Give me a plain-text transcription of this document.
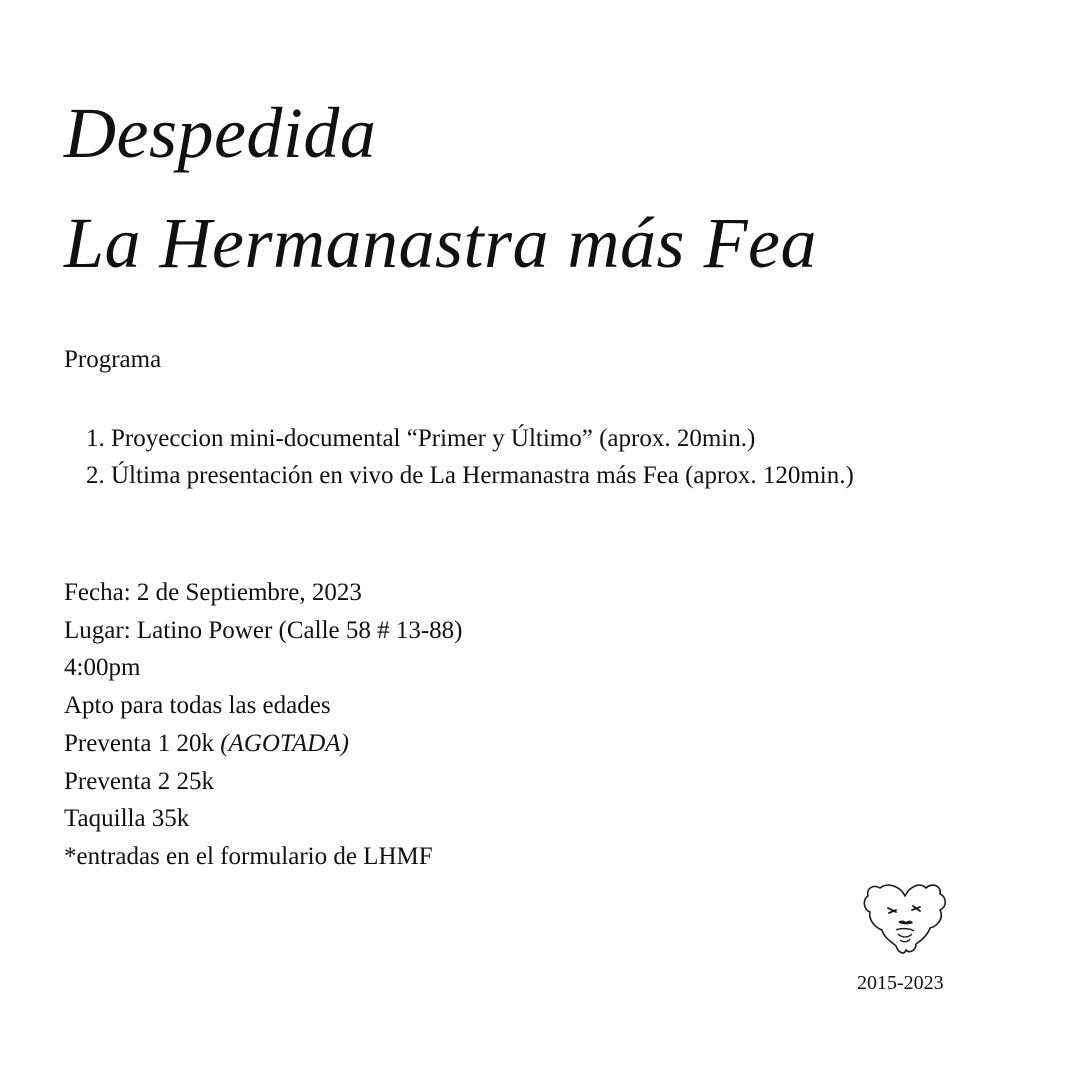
Despedida
La Hermanastra más Fea
Programa
1. Proyeccion mini-documental “Primer y Último” (aprox. 20min.)
2. Última presentación en vivo de La Hermanastra más Fea (aprox. 120min.)
Fecha: 2 de Septiembre, 2023
Lugar: Latino Power (Calle 58 # 13-88)
4:00pm
Apto para todas las edades
Preventa 1 20k (AGOTADA)
Preventa 2 25k
Taquilla 35k
*entradas en el formulario de LHMF
2015-2023
